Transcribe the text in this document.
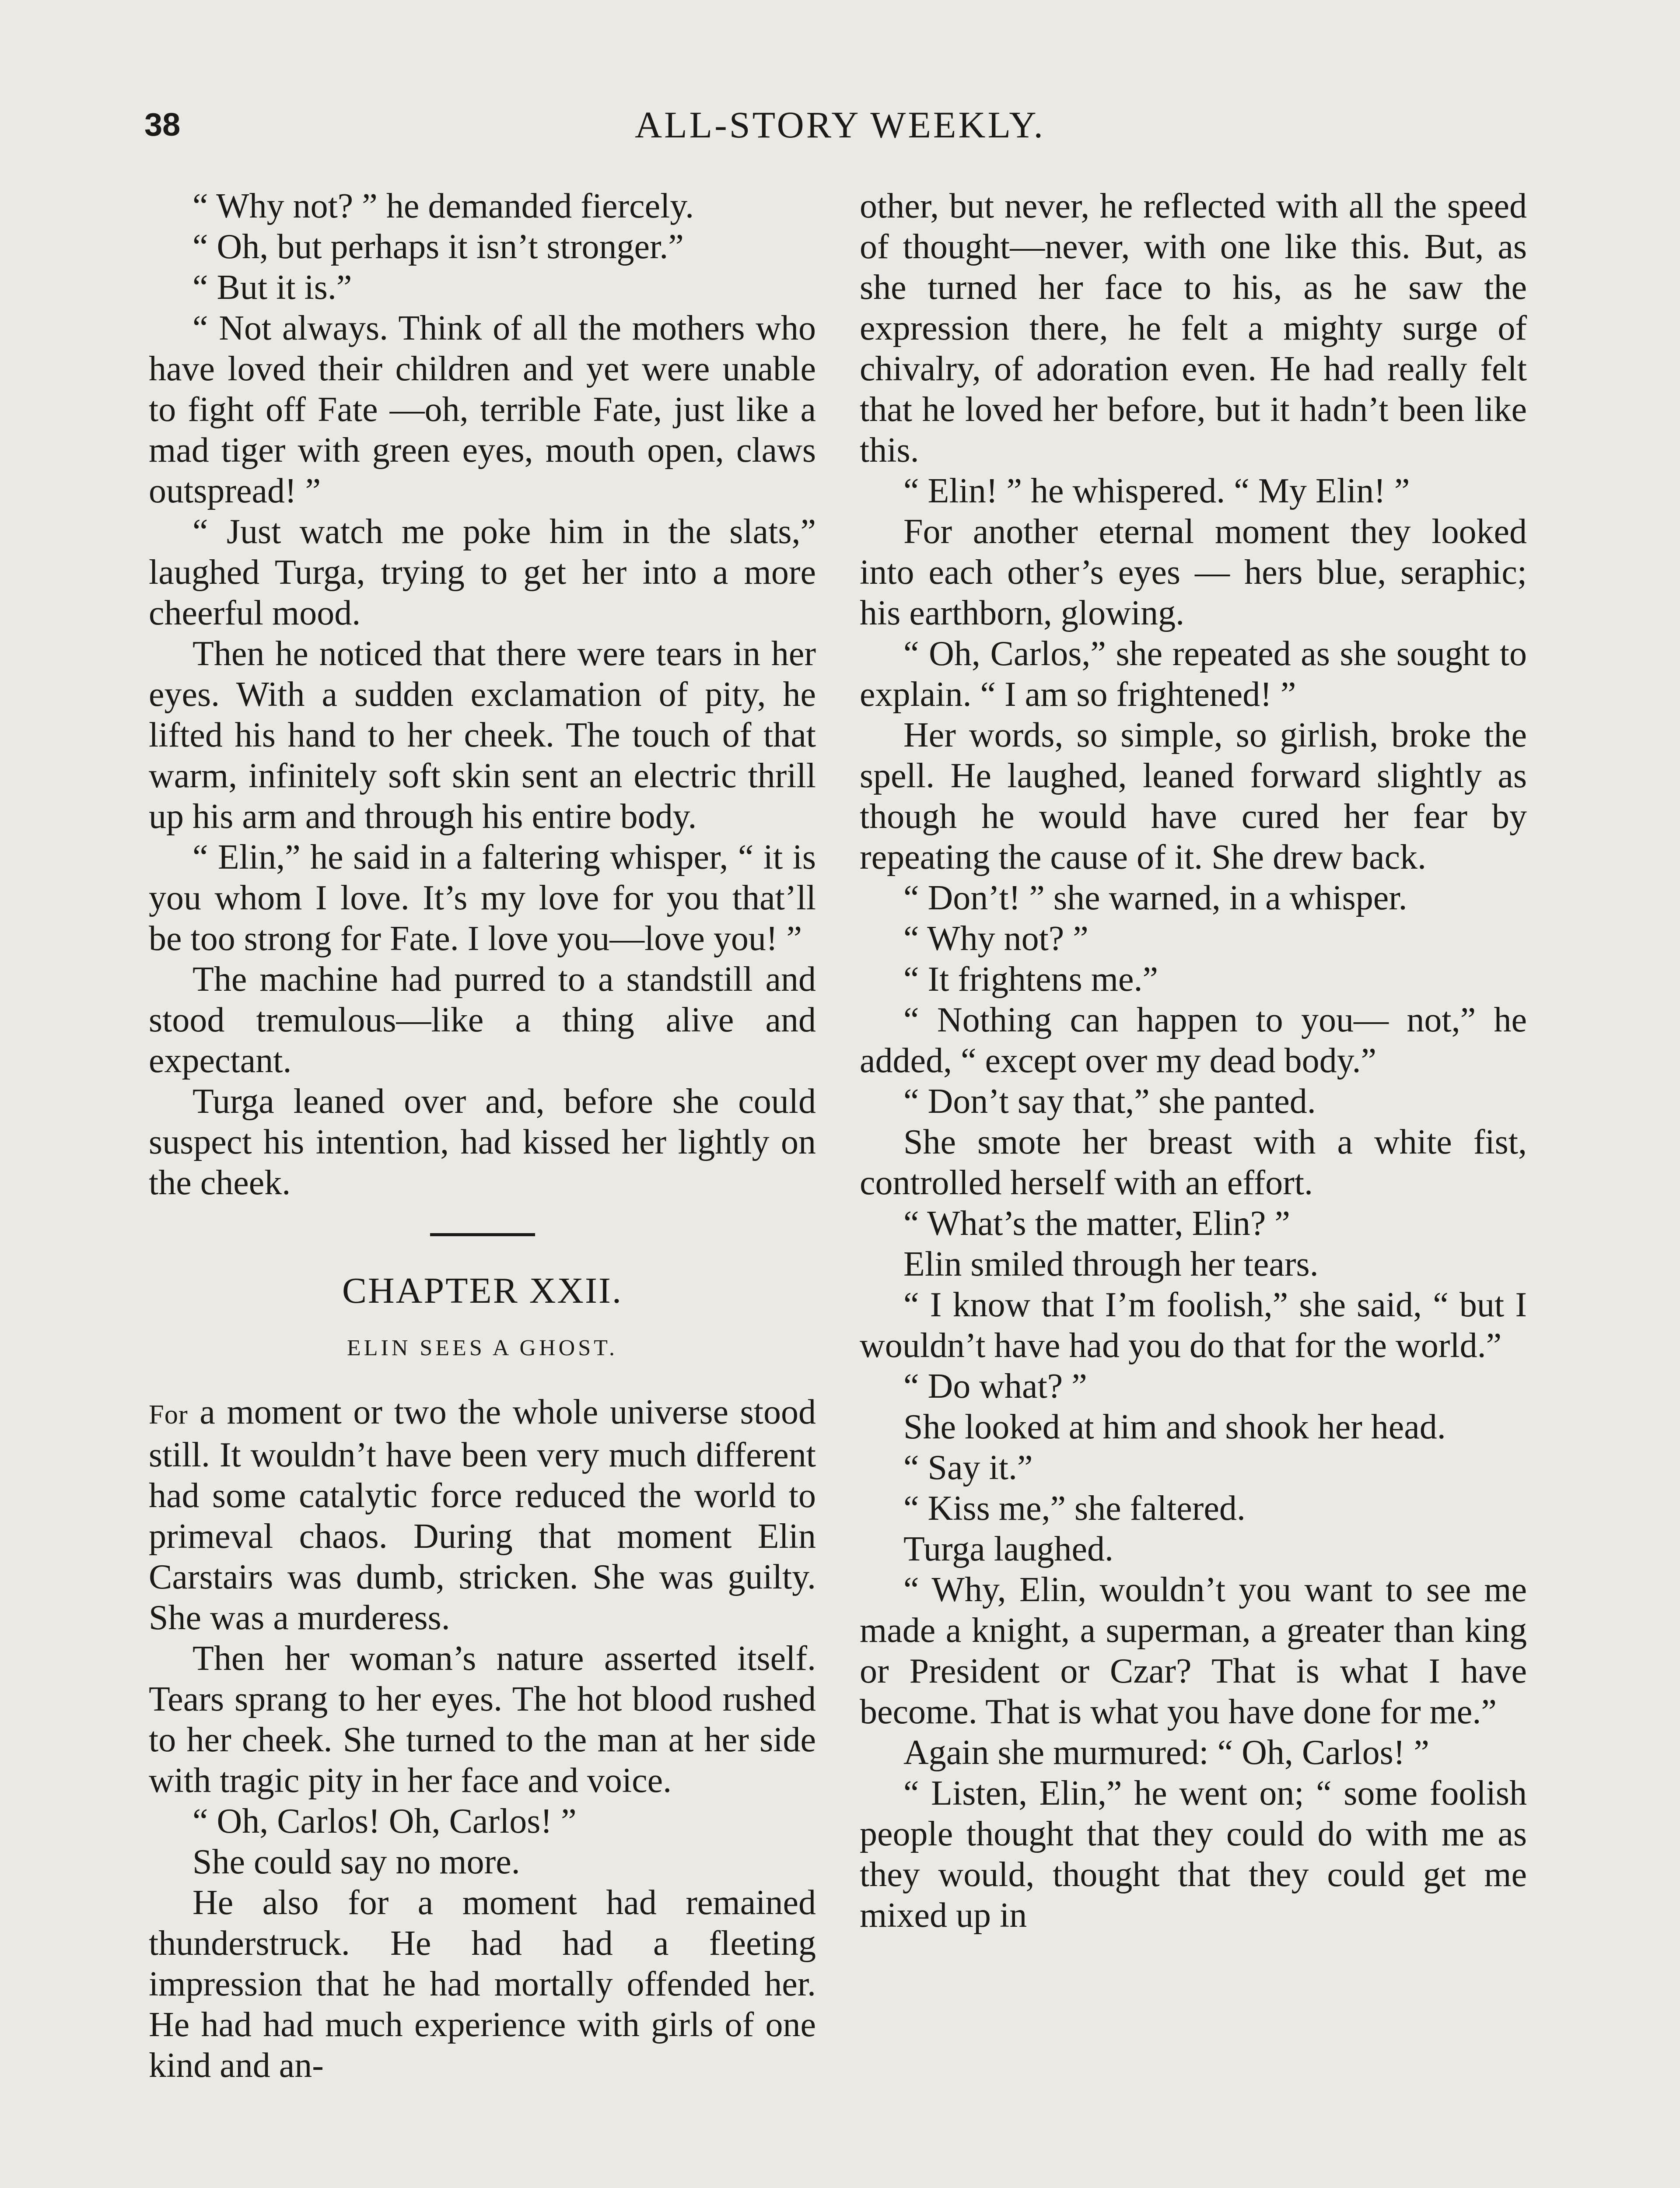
38	ALL-STORY WEEKLY.

“ Why not? ” he demanded fiercely.

“ Oh, but perhaps it isn’t stronger.”

“ But it is.”

“ Not always. Think of all the mothers who have loved their children and yet were unable to fight off Fate —oh, terrible Fate, just like a mad tiger with green eyes, mouth open, claws outspread! ”

“ Just watch me poke him in the slats,” laughed Turga, trying to get her into a more cheerful mood.

Then he noticed that there were tears in her eyes. With a sudden exclamation of pity, he lifted his hand to her cheek. The touch of that warm, infinitely soft skin sent an electric thrill up his arm and through his entire body.

“ Elin,” he said in a faltering whisper, “ it is you whom I love. It’s my love for you that’ll be too strong for Fate. I love you—love you! ”

The machine had purred to a standstill and stood tremulous—like a thing alive and expectant.

Turga leaned over and, before she could suspect his intention, had kissed her lightly on the cheek.

CHAPTER XXII.
ELIN SEES A GHOST.

For a moment or two the whole universe stood still. It wouldn’t have been very much different had some catalytic force reduced the world to primeval chaos. During that moment Elin Carstairs was dumb, stricken. She was guilty. She was a murderess.

Then her woman’s nature asserted itself. Tears sprang to her eyes. The hot blood rushed to her cheek. She turned to the man at her side with tragic pity in her face and voice.

“ Oh, Carlos! Oh, Carlos! ”

She could say no more.

He also for a moment had remained thunderstruck. He had had a fleeting impression that he had mortally offended her. He had had much experience with girls of one kind and an-

other, but never, he reflected with all the speed of thought—never, with one like this. But, as she turned her face to his, as he saw the expression there, he felt a mighty surge of chivalry, of adoration even. He had really felt that he loved her before, but it hadn’t been like this.

“ Elin! ” he whispered. “ My Elin! ”

For another eternal moment they looked into each other’s eyes — hers blue, seraphic; his earthborn, glowing.

“ Oh, Carlos,” she repeated as she sought to explain. “ I am so frightened! ”

Her words, so simple, so girlish, broke the spell. He laughed, leaned forward slightly as though he would have cured her fear by repeating the cause of it. She drew back.

“ Don’t! ” she warned, in a whisper.

“ Why not? ”

“ It frightens me.”

“ Nothing can happen to you— not,” he added, “ except over my dead body.”

“ Don’t say that,” she panted.

She smote her breast with a white fist, controlled herself with an effort.

“ What’s the matter, Elin? ”

Elin smiled through her tears.

“ I know that I’m foolish,” she said, “ but I wouldn’t have had you do that for the world.”

“ Do what? ”

She looked at him and shook her head.

“ Say it.”

“ Kiss me,” she faltered.

Turga laughed.

“ Why, Elin, wouldn’t you want to see me made a knight, a superman, a greater than king or President or Czar? That is what I have become. That is what you have done for me.”

Again she murmured: “ Oh, Carlos! ”

“ Listen, Elin,” he went on; “ some foolish people thought that they could do with me as they would, thought that they could get me mixed up in
